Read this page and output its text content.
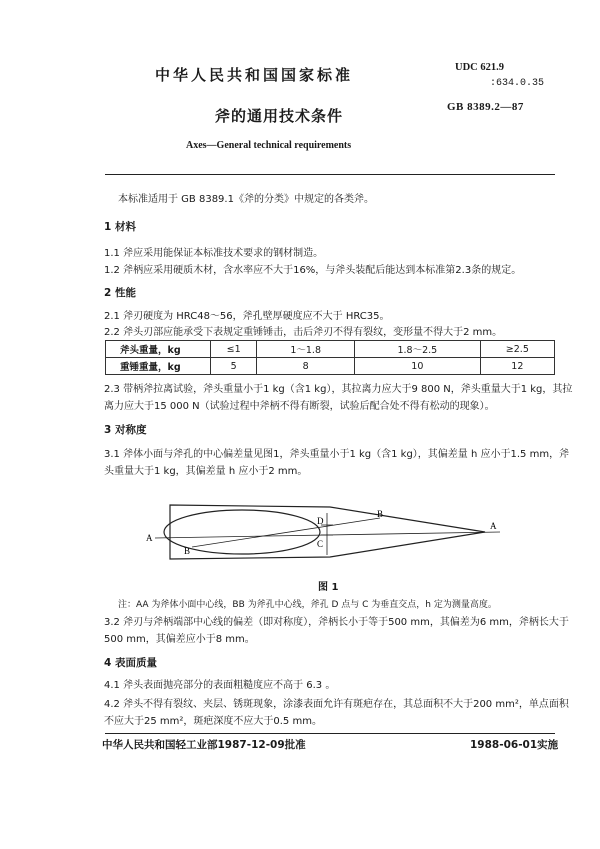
中华人民共和国国家标准	UDC 621.9
:634.0.35
GB 8389.2—87
斧的通用技术条件
Axes—General technical requirements
本标准适用于 GB 8389.1《斧的分类》中规定的各类斧。
1 材料
1.1 斧应采用能保证本标准技术要求的钢材制造。
1.2 斧柄应采用硬质木材，含水率应不大于16%，与斧头装配后能达到本标准第2.3条的规定。
2 性能
2.1 斧刃硬度为 HRC48～56，斧孔壁厚硬度应不大于 HRC35。
2.2 斧头刃部应能承受下表规定重锤锤击，击后斧刃不得有裂纹，变形量不得大于2 mm。
斧头重量，kg	≤1	1～1.8	1.8～2.5	≥2.5
重锤重量，kg	5	8	10	12
2.3 带柄斧拉离试验，斧头重量小于1 kg（含1 kg），其拉离力应大于9 800 N，斧头重量大于1 kg，其拉
离力应大于15 000 N（试验过程中斧柄不得有断裂，试验后配合处不得有松动的现象）。
3 对称度
3.1 斧体小面与斧孔的中心偏差量见图1，斧头重量小于1 kg（含1 kg），其偏差量 h 应小于1.5 mm，斧
头重量大于1 kg，其偏差量 h 应小于2 mm。
A
A
B
B
D
C
图 1
注：AA 为斧体小面中心线，BB 为斧孔中心线，斧孔 D 点与 C 为垂直交点，h 定为测量高度。
3.2 斧刃与斧柄端部中心线的偏差（即对称度），斧柄长小于等于500 mm，其偏差为6 mm，斧柄长大于
500 mm，其偏差应小于8 mm。
4 表面质量
4.1 斧头表面抛亮部分的表面粗糙度应不高于 6.3 。
4.2 斧头不得有裂纹、夹层、锈斑现象，涂漆表面允许有斑疤存在，其总面积不大于200 mm²，单点面积
不应大于25 mm²，斑疤深度不应大于0.5 mm。
中华人民共和国轻工业部1987-12-09批准	1988-06-01实施
